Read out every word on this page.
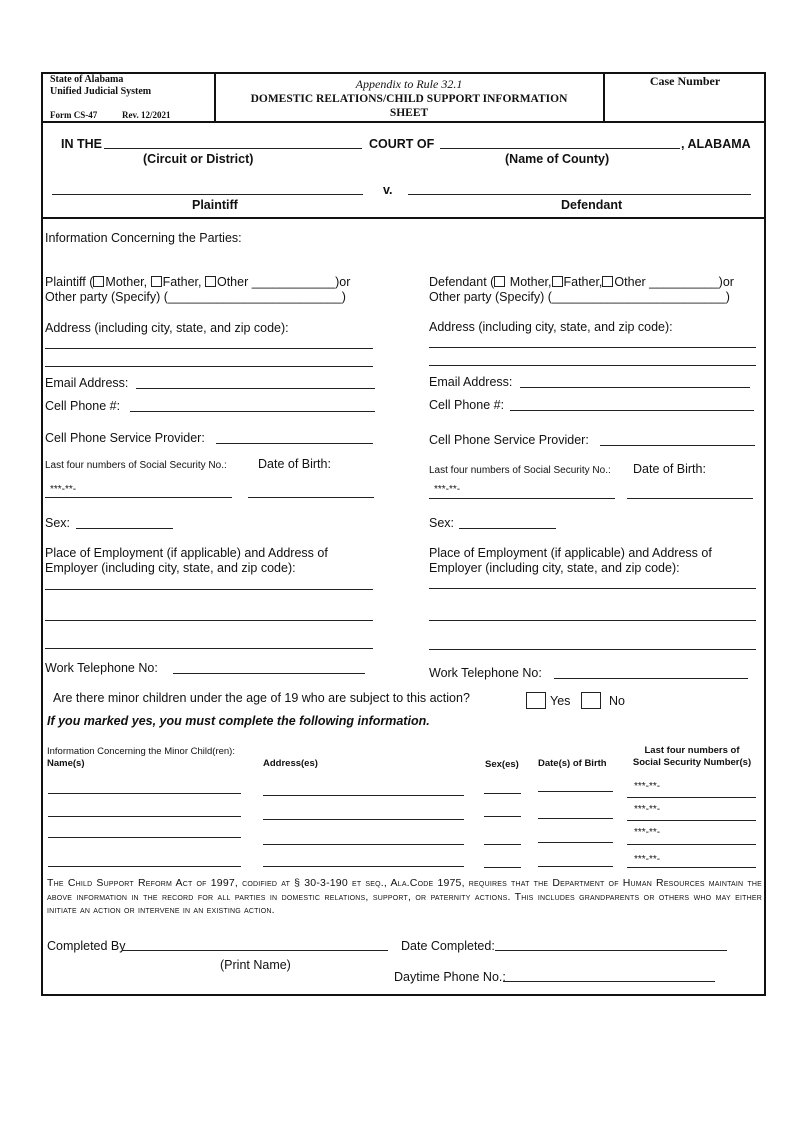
State of Alabama
Unified Judicial System
Form CS-47	Rev. 12/2021
Appendix to Rule 32.1
DOMESTIC RELATIONS/CHILD SUPPORT INFORMATION
SHEET
Case Number
IN THE	COURT OF	, ALABAMA
(Circuit or District)	(Name of County)
v.
Plaintiff	Defendant
Information Concerning the Parties:
Plaintiff ( Mother, Father, Other ____________)or
Other party (Specify) (_________________________)
Address (including city, state, and zip code):
Email Address:
Cell Phone #:
Cell Phone Service Provider:
Last four numbers of Social Security No.:	Date of Birth:
***-**-
Sex:
Place of Employment (if applicable) and Address of
Employer (including city, state, and zip code):
Work Telephone No:
Defendant ( Mother, Father, Other __________)or
Other party (Specify) (_________________________)
Address (including city, state, and zip code):
Email Address:
Cell Phone #:
Cell Phone Service Provider:
Last four numbers of Social Security No.: Date of Birth:
***-**-
Sex:
Place of Employment (if applicable) and Address of
Employer (including city, state, and zip code):
Work Telephone No:
Are there minor children under the age of 19 who are subject to this action?	Yes	No
If you marked yes, you must complete the following information.
Information Concerning the Minor Child(ren):
Name(s)	Address(es)	Sex(es) Date(s) of Birth
Last four numbers of
Social Security Number(s)
***-**-
***-**-
***-**-
***-**-
The Child Support Reform Act of 1997, codified at § 30-3-190 et seq., Ala.Code 1975, requires that the Department of Human Resources maintain the above information in the record for all parties in domestic relations, support, or paternity actions. This includes grandparents or others who may either initiate an action or intervene in an existing action.
Completed By	Date Completed:
(Print Name)
Daytime Phone No.:
